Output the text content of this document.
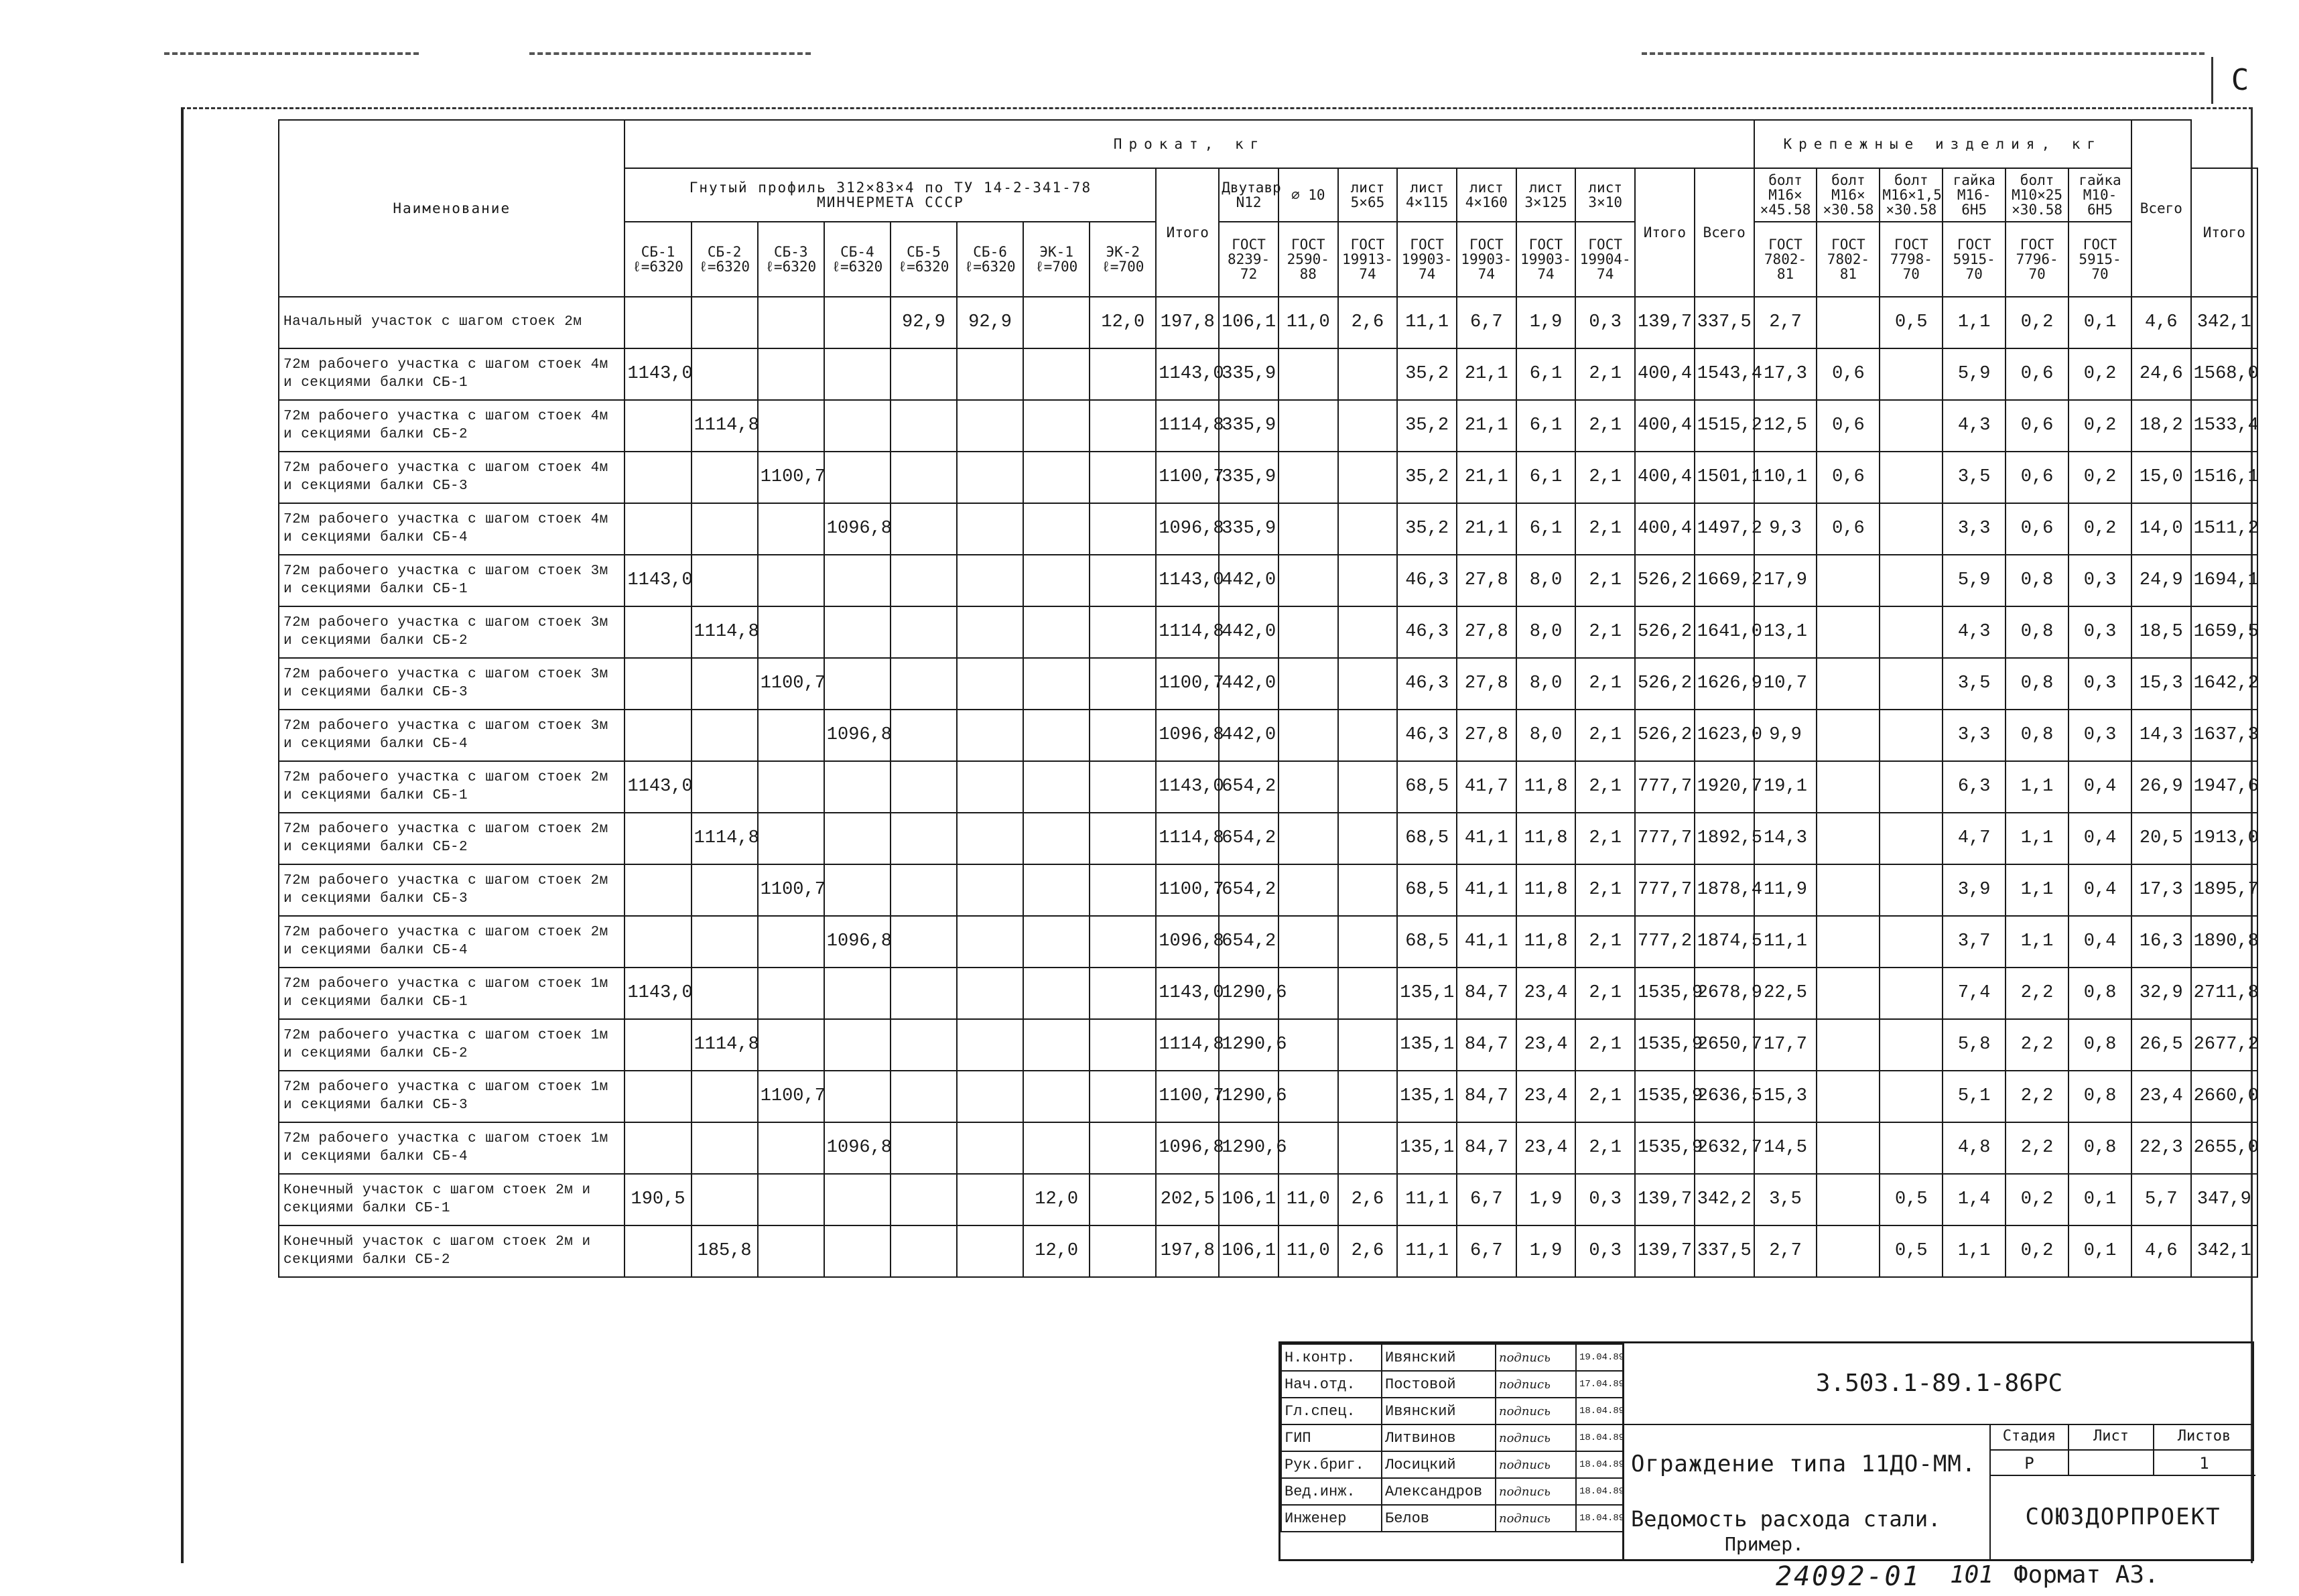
С
Наименование	Прокат, кг																		Крепежные изделия, кг						Всего	

	Гнутый профиль 312×83×4 по ТУ 14-2-341-78
МИНЧЕРМЕТА СССР								Итого	Двутавр N12	∅ 10	лист 5×65	лист 4×115	лист 4×160	лист 3×125	лист 3×10	Итого	Всего	болт М16× ×45.58	болт М16× ×30.58	болт М16×1,5 ×30.58	гайка М16-6Н5	болт М10×25 ×30.58	гайка М10-6Н5		Итого
	СБ-1 ℓ=6320	СБ-2 ℓ=6320	СБ-3 ℓ=6320	СБ-4 ℓ=6320	СБ-5 ℓ=6320	СБ-6 ℓ=6320	ЭК-1 ℓ=700	ЭК-2 ℓ=700		ГОСТ 8239-72	ГОСТ 2590-88	ГОСТ 19913-74	ГОСТ 19903-74	ГОСТ 19903-74	ГОСТ 19903-74	ГОСТ 19904-74			ГОСТ 7802-81	ГОСТ 7802-81	ГОСТ 7798-70	ГОСТ 5915-70	ГОСТ 7796-70	ГОСТ 5915-70		
Начальный участок с шагом стоек 2м					92,9	92,9		12,0	197,8	106,1	11,0	2,6	11,1	6,7	1,9	0,3	139,7	337,5	2,7		0,5	1,1	0,2	0,1	4,6	342,1
72м рабочего участка с шагом стоек 4м и секциями балки СБ-1	1143,0								1143,0	335,9			35,2	21,1	6,1	2,1	400,4	1543,4	17,3	0,6		5,9	0,6	0,2	24,6	1568,0
72м рабочего участка с шагом стоек 4м и секциями балки СБ-2		1114,8							1114,8	335,9			35,2	21,1	6,1	2,1	400,4	1515,2	12,5	0,6		4,3	0,6	0,2	18,2	1533,4
72м рабочего участка с шагом стоек 4м и секциями балки СБ-3			1100,7						1100,7	335,9			35,2	21,1	6,1	2,1	400,4	1501,1	10,1	0,6		3,5	0,6	0,2	15,0	1516,1
72м рабочего участка с шагом стоек 4м и секциями балки СБ-4				1096,8					1096,8	335,9			35,2	21,1	6,1	2,1	400,4	1497,2	9,3	0,6		3,3	0,6	0,2	14,0	1511,2
72м рабочего участка с шагом стоек 3м и секциями балки СБ-1	1143,0								1143,0	442,0			46,3	27,8	8,0	2,1	526,2	1669,2	17,9			5,9	0,8	0,3	24,9	1694,1
72м рабочего участка с шагом стоек 3м и секциями балки СБ-2		1114,8							1114,8	442,0			46,3	27,8	8,0	2,1	526,2	1641,0	13,1			4,3	0,8	0,3	18,5	1659,5
72м рабочего участка с шагом стоек 3м и секциями балки СБ-3			1100,7						1100,7	442,0			46,3	27,8	8,0	2,1	526,2	1626,9	10,7			3,5	0,8	0,3	15,3	1642,2
72м рабочего участка с шагом стоек 3м и секциями балки СБ-4				1096,8					1096,8	442,0			46,3	27,8	8,0	2,1	526,2	1623,0	9,9			3,3	0,8	0,3	14,3	1637,3
72м рабочего участка с шагом стоек 2м и секциями балки СБ-1	1143,0								1143,0	654,2			68,5	41,7	11,8	2,1	777,7	1920,7	19,1			6,3	1,1	0,4	26,9	1947,6
72м рабочего участка с шагом стоек 2м и секциями балки СБ-2		1114,8							1114,8	654,2			68,5	41,1	11,8	2,1	777,7	1892,5	14,3			4,7	1,1	0,4	20,5	1913,0
72м рабочего участка с шагом стоек 2м и секциями балки СБ-3			1100,7						1100,7	654,2			68,5	41,1	11,8	2,1	777,7	1878,4	11,9			3,9	1,1	0,4	17,3	1895,7
72м рабочего участка с шагом стоек 2м и секциями балки СБ-4				1096,8					1096,8	654,2			68,5	41,1	11,8	2,1	777,2	1874,5	11,1			3,7	1,1	0,4	16,3	1890,8
72м рабочего участка с шагом стоек 1м и секциями балки СБ-1	1143,0								1143,0	1290,6			135,1	84,7	23,4	2,1	1535,9	2678,9	22,5			7,4	2,2	0,8	32,9	2711,8
72м рабочего участка с шагом стоек 1м и секциями балки СБ-2		1114,8							1114,8	1290,6			135,1	84,7	23,4	2,1	1535,9	2650,7	17,7			5,8	2,2	0,8	26,5	2677,2
72м рабочего участка с шагом стоек 1м и секциями балки СБ-3			1100,7						1100,7	1290,6			135,1	84,7	23,4	2,1	1535,9	2636,5	15,3			5,1	2,2	0,8	23,4	2660,0
72м рабочего участка с шагом стоек 1м и секциями балки СБ-4				1096,8					1096,8	1290,6			135,1	84,7	23,4	2,1	1535,9	2632,7	14,5			4,8	2,2	0,8	22,3	2655,0
Конечный участок с шагом стоек 2м и секциями балки СБ-1	190,5						12,0		202,5	106,1	11,0	2,6	11,1	6,7	1,9	0,3	139,7	342,2	3,5		0,5	1,4	0,2	0,1	5,7	347,9
Конечный участок с шагом стоек 2м и секциями балки СБ-2		185,8					12,0		197,8	106,1	11,0	2,6	11,1	6,7	1,9	0,3	139,7	337,5	2,7		0,5	1,1	0,2	0,1	4,6	342,1
Н.контр.	Ивянский	подпись	19.04.89
Нач.отд.	Постовой	подпись	17.04.89
Гл.спец.	Ивянский	подпись	18.04.89
ГИП	Литвинов	подпись	18.04.89
Рук.бриг.	Лосицкий	подпись	18.04.89
Вед.инж.	Александров	подпись	18.04.89
Инженер	Белов	подпись	18.04.89
3.503.1-89.1-86РС
Ограждение типа 11ДО-ММ.
Ведомость расхода стали.
Пример.
Стадия
Р
Лист	Листов
1
СОЮЗДОРПРОЕКТ
24092-01 101 Формат А3.
